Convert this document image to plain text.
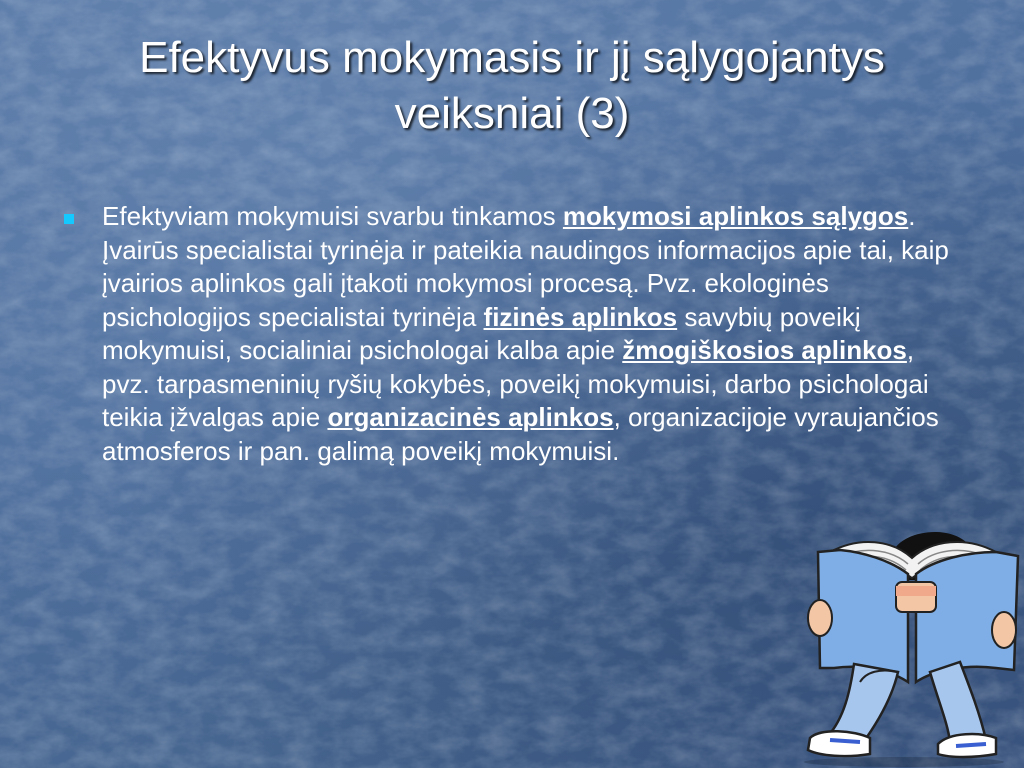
Efektyvus mokymasis ir jį sąlygojantys
veiksniai (3)
Efektyviam mokymuisi svarbu tinkamos mokymosi aplinkos sąlygos. Įvairūs specialistai tyrinėja ir pateikia naudingos informacijos apie tai, kaip įvairios aplinkos gali įtakoti mokymosi procesą. Pvz. ekologinės psichologijos specialistai tyrinėja fizinės aplinkos savybių poveikį mokymuisi, socialiniai psichologai kalba apie žmogiškosios aplinkos, pvz. tarpasmeninių ryšių kokybės, poveikį mokymuisi, darbo psichologai teikia įžvalgas apie organizacinės aplinkos, organizacijoje vyraujančios atmosferos ir pan. galimą poveikį mokymuisi.
